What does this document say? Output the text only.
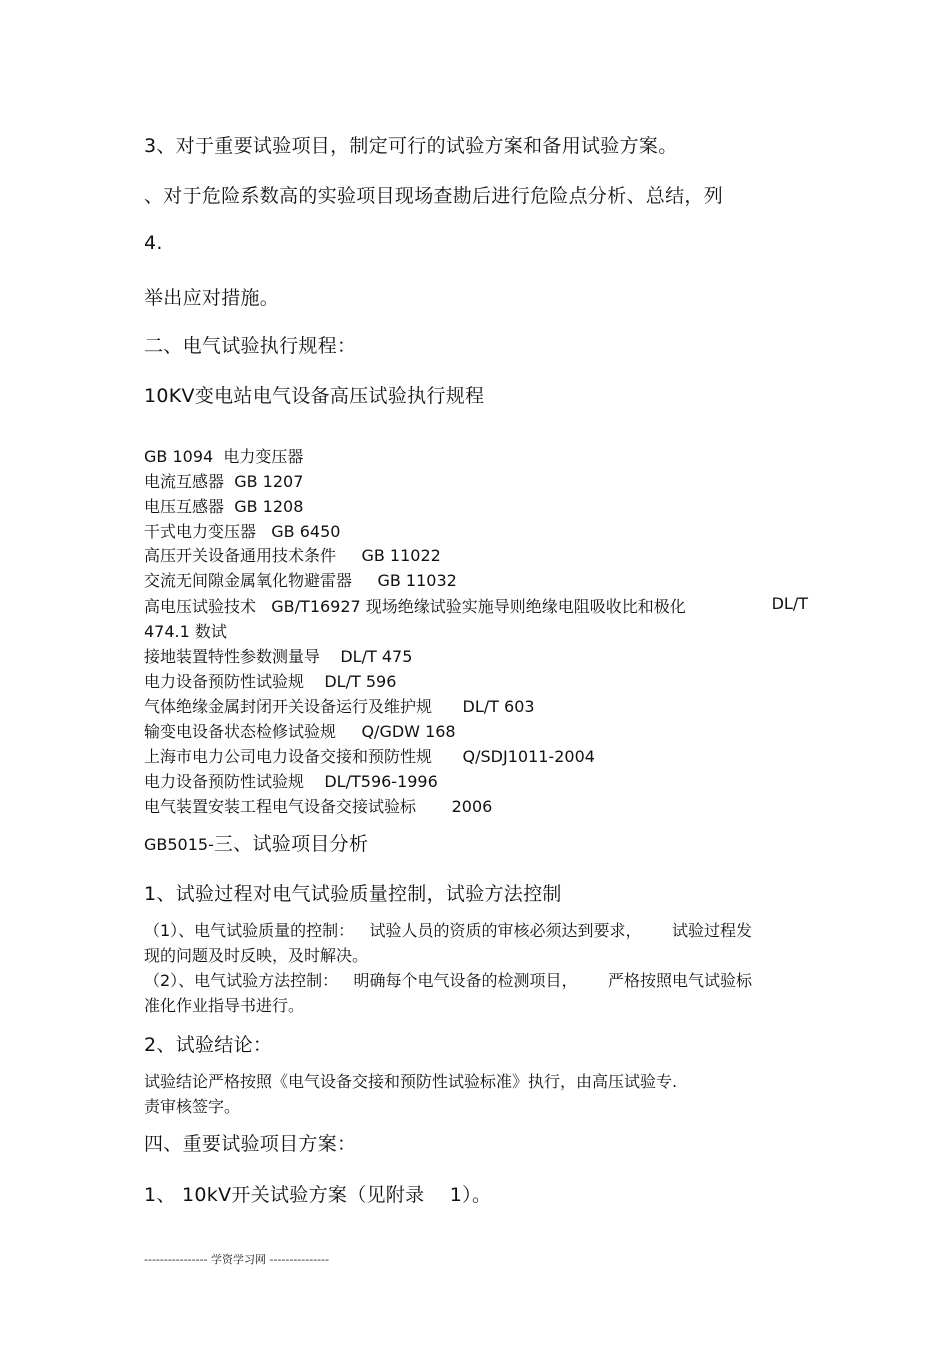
3、对于重要试验项目，制定可行的试验方案和备用试验方案。

、对于危险系数高的实验项目现场查勘后进行危险点分析、总结，列

4.

举出应对措施。

二、电气试验执行规程：

10KV变电站电气设备高压试验执行规程

GB 1094 电力变压器

电流互感器 GB 1207

电压互感器 GB 1208

干式电力变压器 GB 6450

高压开关设备通用技术条件 GB 11022

交流无间隙金属氧化物避雷器 GB 11032

高电压试验技术 GB/T16927 现场绝缘试验实施导则绝缘电阻吸收比和极化	DL/T

474.1 数试

接地装置特性参数测量导 DL/T 475

电力设备预防性试验规 DL/T 596

气体绝缘金属封闭开关设备运行及维护规 DL/T 603

输变电设备状态检修试验规 Q/GDW 168

上海市电力公司电力设备交接和预防性规 Q/SDJ1011-2004

电力设备预防性试验规 DL/T596-1996

电气装置安装工程电气设备交接试验标 2006

GB5015-三、试验项目分析

1、试验过程对电气试验质量控制，试验方法控制

（1）、电气试验质量的控制： 试验人员的资质的审核必须达到要求， 试验过程发

现的问题及时反映，及时解决。

（2）、电气试验方法控制： 明确每个电气设备的检测项目， 严格按照电气试验标

准化作业指导书进行。

2、试验结论：

试验结论严格按照《电气设备交接和预防性试验标准》执行，由高压试验专.

责审核签字。

四、重要试验项目方案：

1、 10kV开关试验方案（见附录 1）。

---------------- 学资学习网 ---------------
